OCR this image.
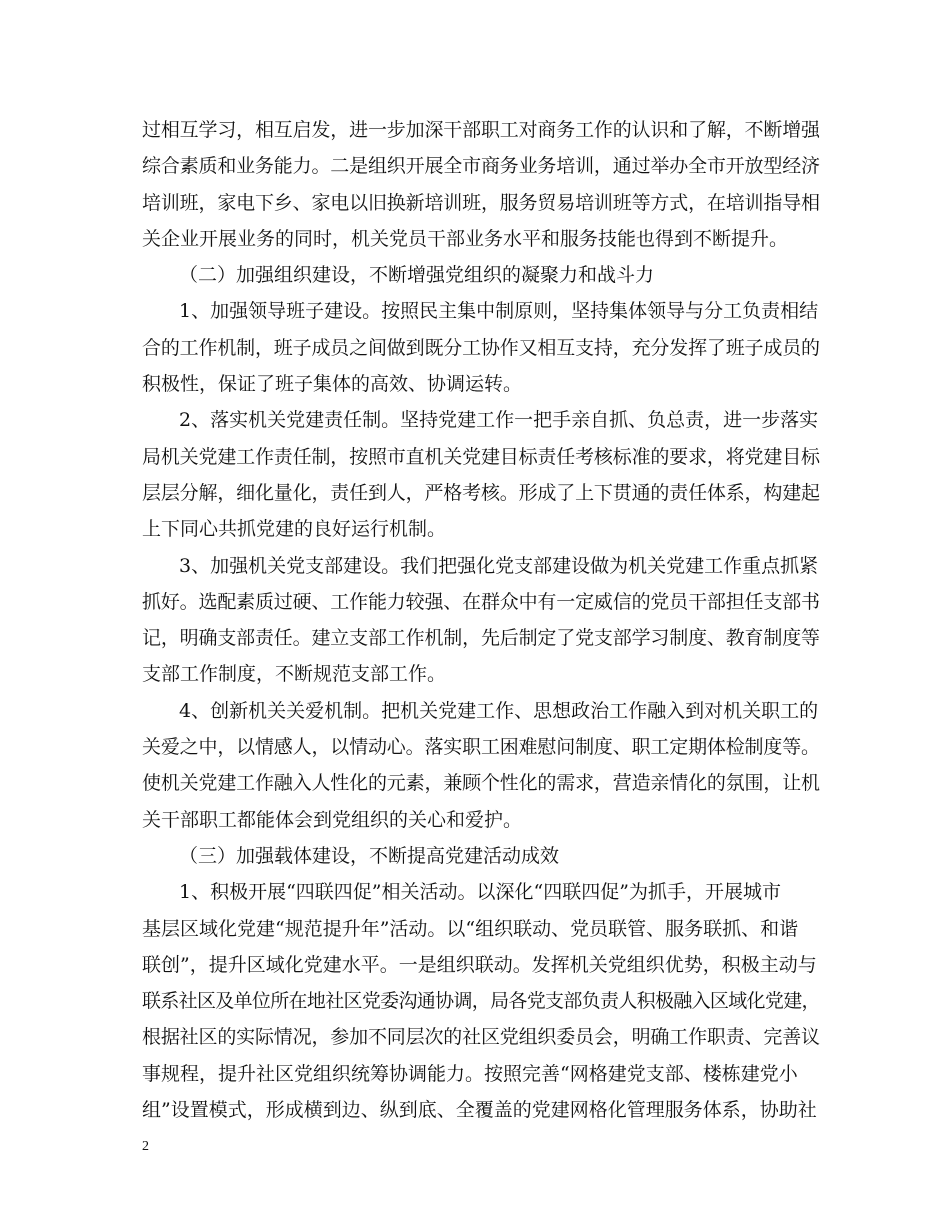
过相互学习，相互启发，进一步加深干部职工对商务工作的认识和了解，不断增强
综合素质和业务能力。二是组织开展全市商务业务培训，通过举办全市开放型经济
培训班，家电下乡、家电以旧换新培训班，服务贸易培训班等方式，在培训指导相
关企业开展业务的同时，机关党员干部业务水平和服务技能也得到不断提升。
（二）加强组织建设，不断增强党组织的凝聚力和战斗力
1、加强领导班子建设。按照民主集中制原则，坚持集体领导与分工负责相结
合的工作机制，班子成员之间做到既分工协作又相互支持，充分发挥了班子成员的
积极性，保证了班子集体的高效、协调运转。
2、落实机关党建责任制。坚持党建工作一把手亲自抓、负总责，进一步落实
局机关党建工作责任制，按照市直机关党建目标责任考核标准的要求，将党建目标
层层分解，细化量化，责任到人，严格考核。形成了上下贯通的责任体系，构建起
上下同心共抓党建的良好运行机制。
3、加强机关党支部建设。我们把强化党支部建设做为机关党建工作重点抓紧
抓好。选配素质过硬、工作能力较强、在群众中有一定威信的党员干部担任支部书
记，明确支部责任。建立支部工作机制，先后制定了党支部学习制度、教育制度等
支部工作制度，不断规范支部工作。
4、创新机关关爱机制。把机关党建工作、思想政治工作融入到对机关职工的
关爱之中，以情感人，以情动心。落实职工困难慰问制度、职工定期体检制度等。
使机关党建工作融入人性化的元素，兼顾个性化的需求，营造亲情化的氛围，让机
关干部职工都能体会到党组织的关心和爱护。
（三）加强载体建设，不断提高党建活动成效
1、积极开展“四联四促”相关活动。以深化“四联四促”为抓手，开展城市
基层区域化党建“规范提升年”活动。以“组织联动、党员联管、服务联抓、和谐
联创”，提升区域化党建水平。一是组织联动。发挥机关党组织优势，积极主动与
联系社区及单位所在地社区党委沟通协调，局各党支部负责人积极融入区域化党建，
根据社区的实际情况，参加不同层次的社区党组织委员会，明确工作职责、完善议
事规程，提升社区党组织统筹协调能力。按照完善“网格建党支部、楼栋建党小
组”设置模式，形成横到边、纵到底、全覆盖的党建网格化管理服务体系，协助社
2
